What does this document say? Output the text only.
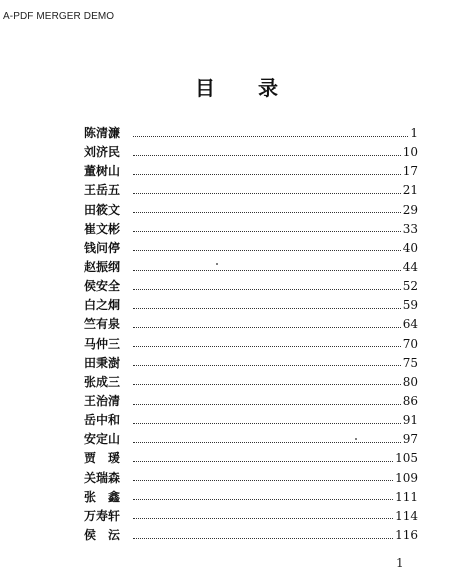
A-PDF MERGER DEMO
目 录
陈清濂	1
刘济民	10
董树山	17
王岳五	21
田筱文	29
崔文彬	33
钱问停	40
赵振纲	44
侯安全	52
白之炯	59
竺有泉	64
马仲三	70
田秉澍	75
张成三	80
王治清	86
岳中和	91
安定山	97
贾　瑗	105
关瑞森	109
张　鑫	111
万寿轩	114
侯　沄	116
1
